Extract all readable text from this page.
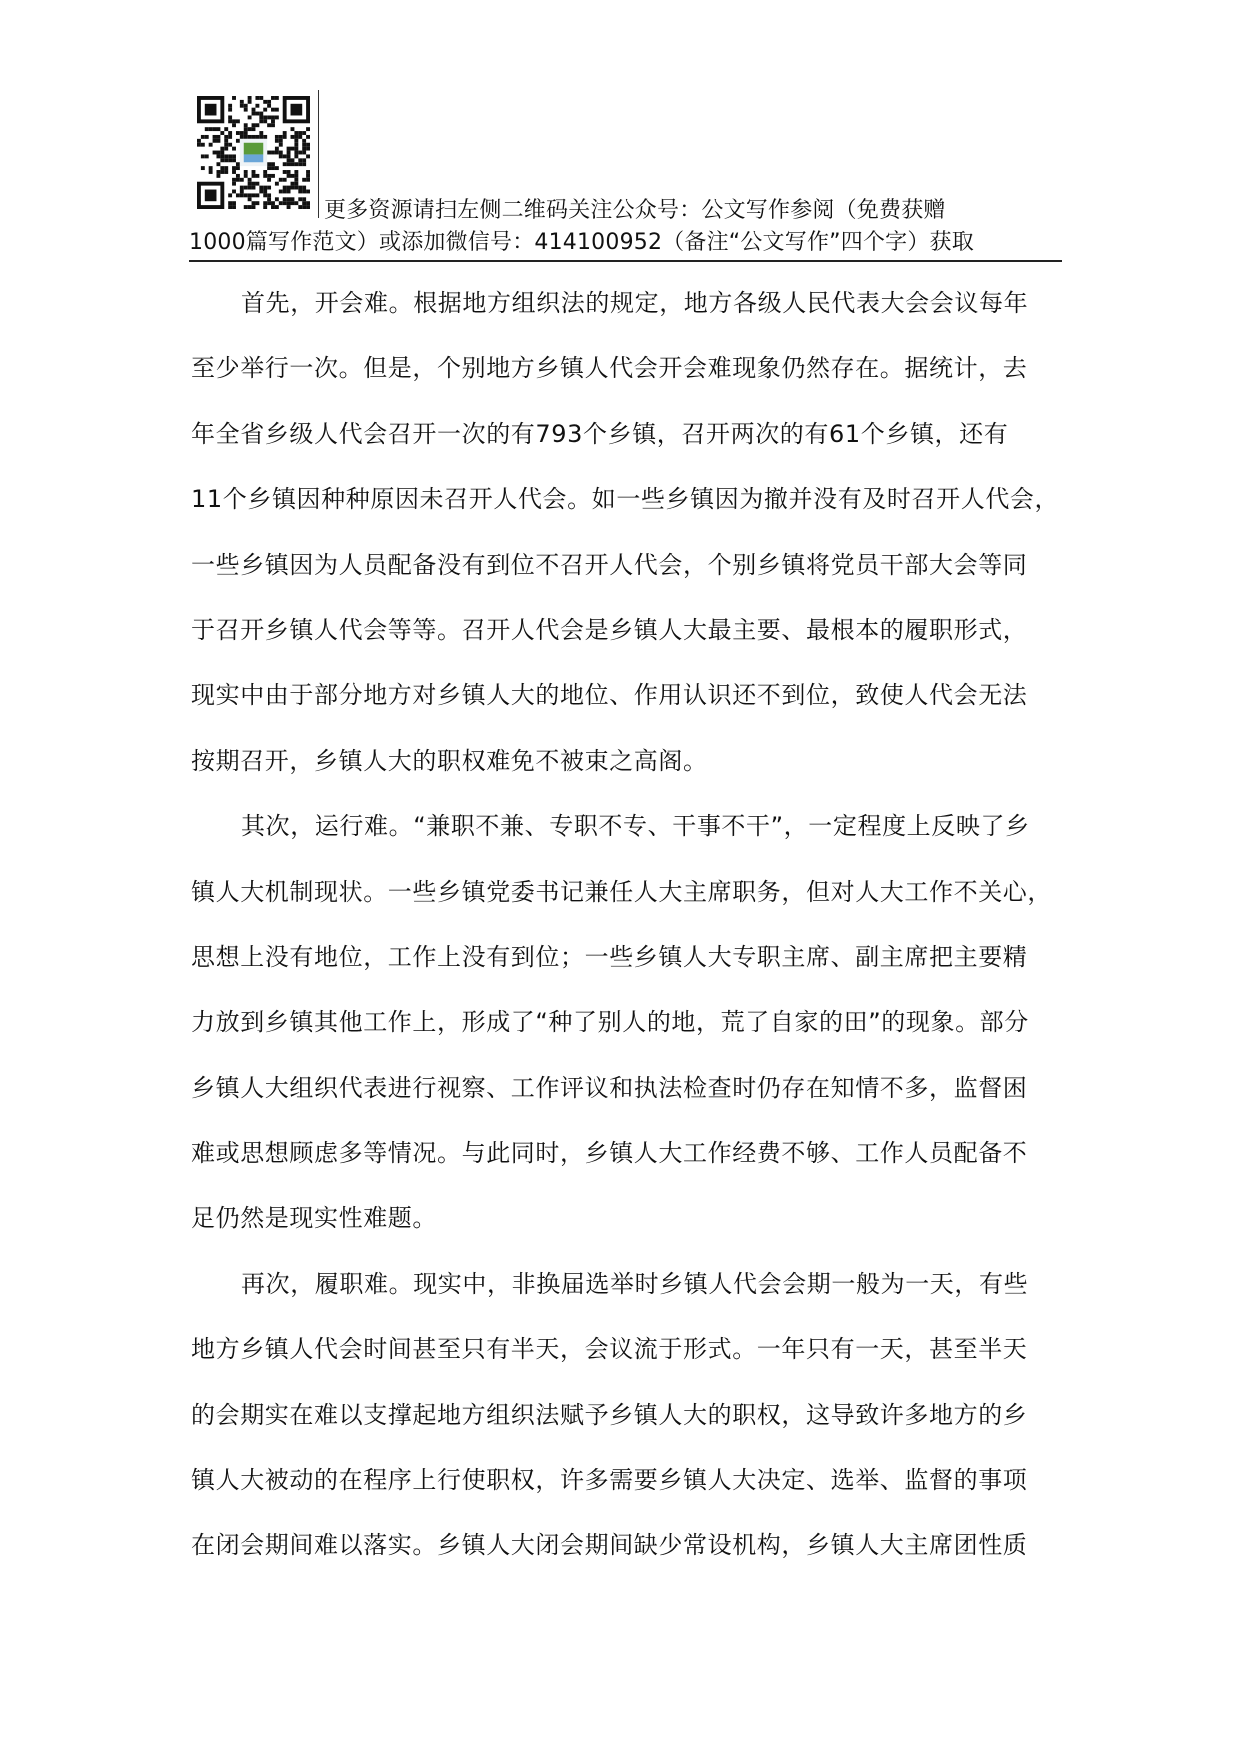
更多资源请扫左侧二维码关注公众号：公文写作参阅（免费获赠
1000篇写作范文）或添加微信号：414100952（备注“公文写作”四个字）获取
首先，开会难。根据地方组织法的规定，地方各级人民代表大会会议每年
至少举行一次。但是，个别地方乡镇人代会开会难现象仍然存在。据统计，去
年全省乡级人代会召开一次的有793个乡镇，召开两次的有61个乡镇，还有
11个乡镇因种种原因未召开人代会。如一些乡镇因为撤并没有及时召开人代会，
一些乡镇因为人员配备没有到位不召开人代会，个别乡镇将党员干部大会等同
于召开乡镇人代会等等。召开人代会是乡镇人大最主要、最根本的履职形式，
现实中由于部分地方对乡镇人大的地位、作用认识还不到位，致使人代会无法
按期召开，乡镇人大的职权难免不被束之高阁。
其次，运行难。“兼职不兼、专职不专、干事不干”，一定程度上反映了乡
镇人大机制现状。一些乡镇党委书记兼任人大主席职务，但对人大工作不关心，
思想上没有地位，工作上没有到位；一些乡镇人大专职主席、副主席把主要精
力放到乡镇其他工作上，形成了“种了别人的地，荒了自家的田”的现象。部分
乡镇人大组织代表进行视察、工作评议和执法检查时仍存在知情不多，监督困
难或思想顾虑多等情况。与此同时，乡镇人大工作经费不够、工作人员配备不
足仍然是现实性难题。
再次，履职难。现实中，非换届选举时乡镇人代会会期一般为一天，有些
地方乡镇人代会时间甚至只有半天，会议流于形式。一年只有一天，甚至半天
的会期实在难以支撑起地方组织法赋予乡镇人大的职权，这导致许多地方的乡
镇人大被动的在程序上行使职权，许多需要乡镇人大决定、选举、监督的事项
在闭会期间难以落实。乡镇人大闭会期间缺少常设机构，乡镇人大主席团性质
